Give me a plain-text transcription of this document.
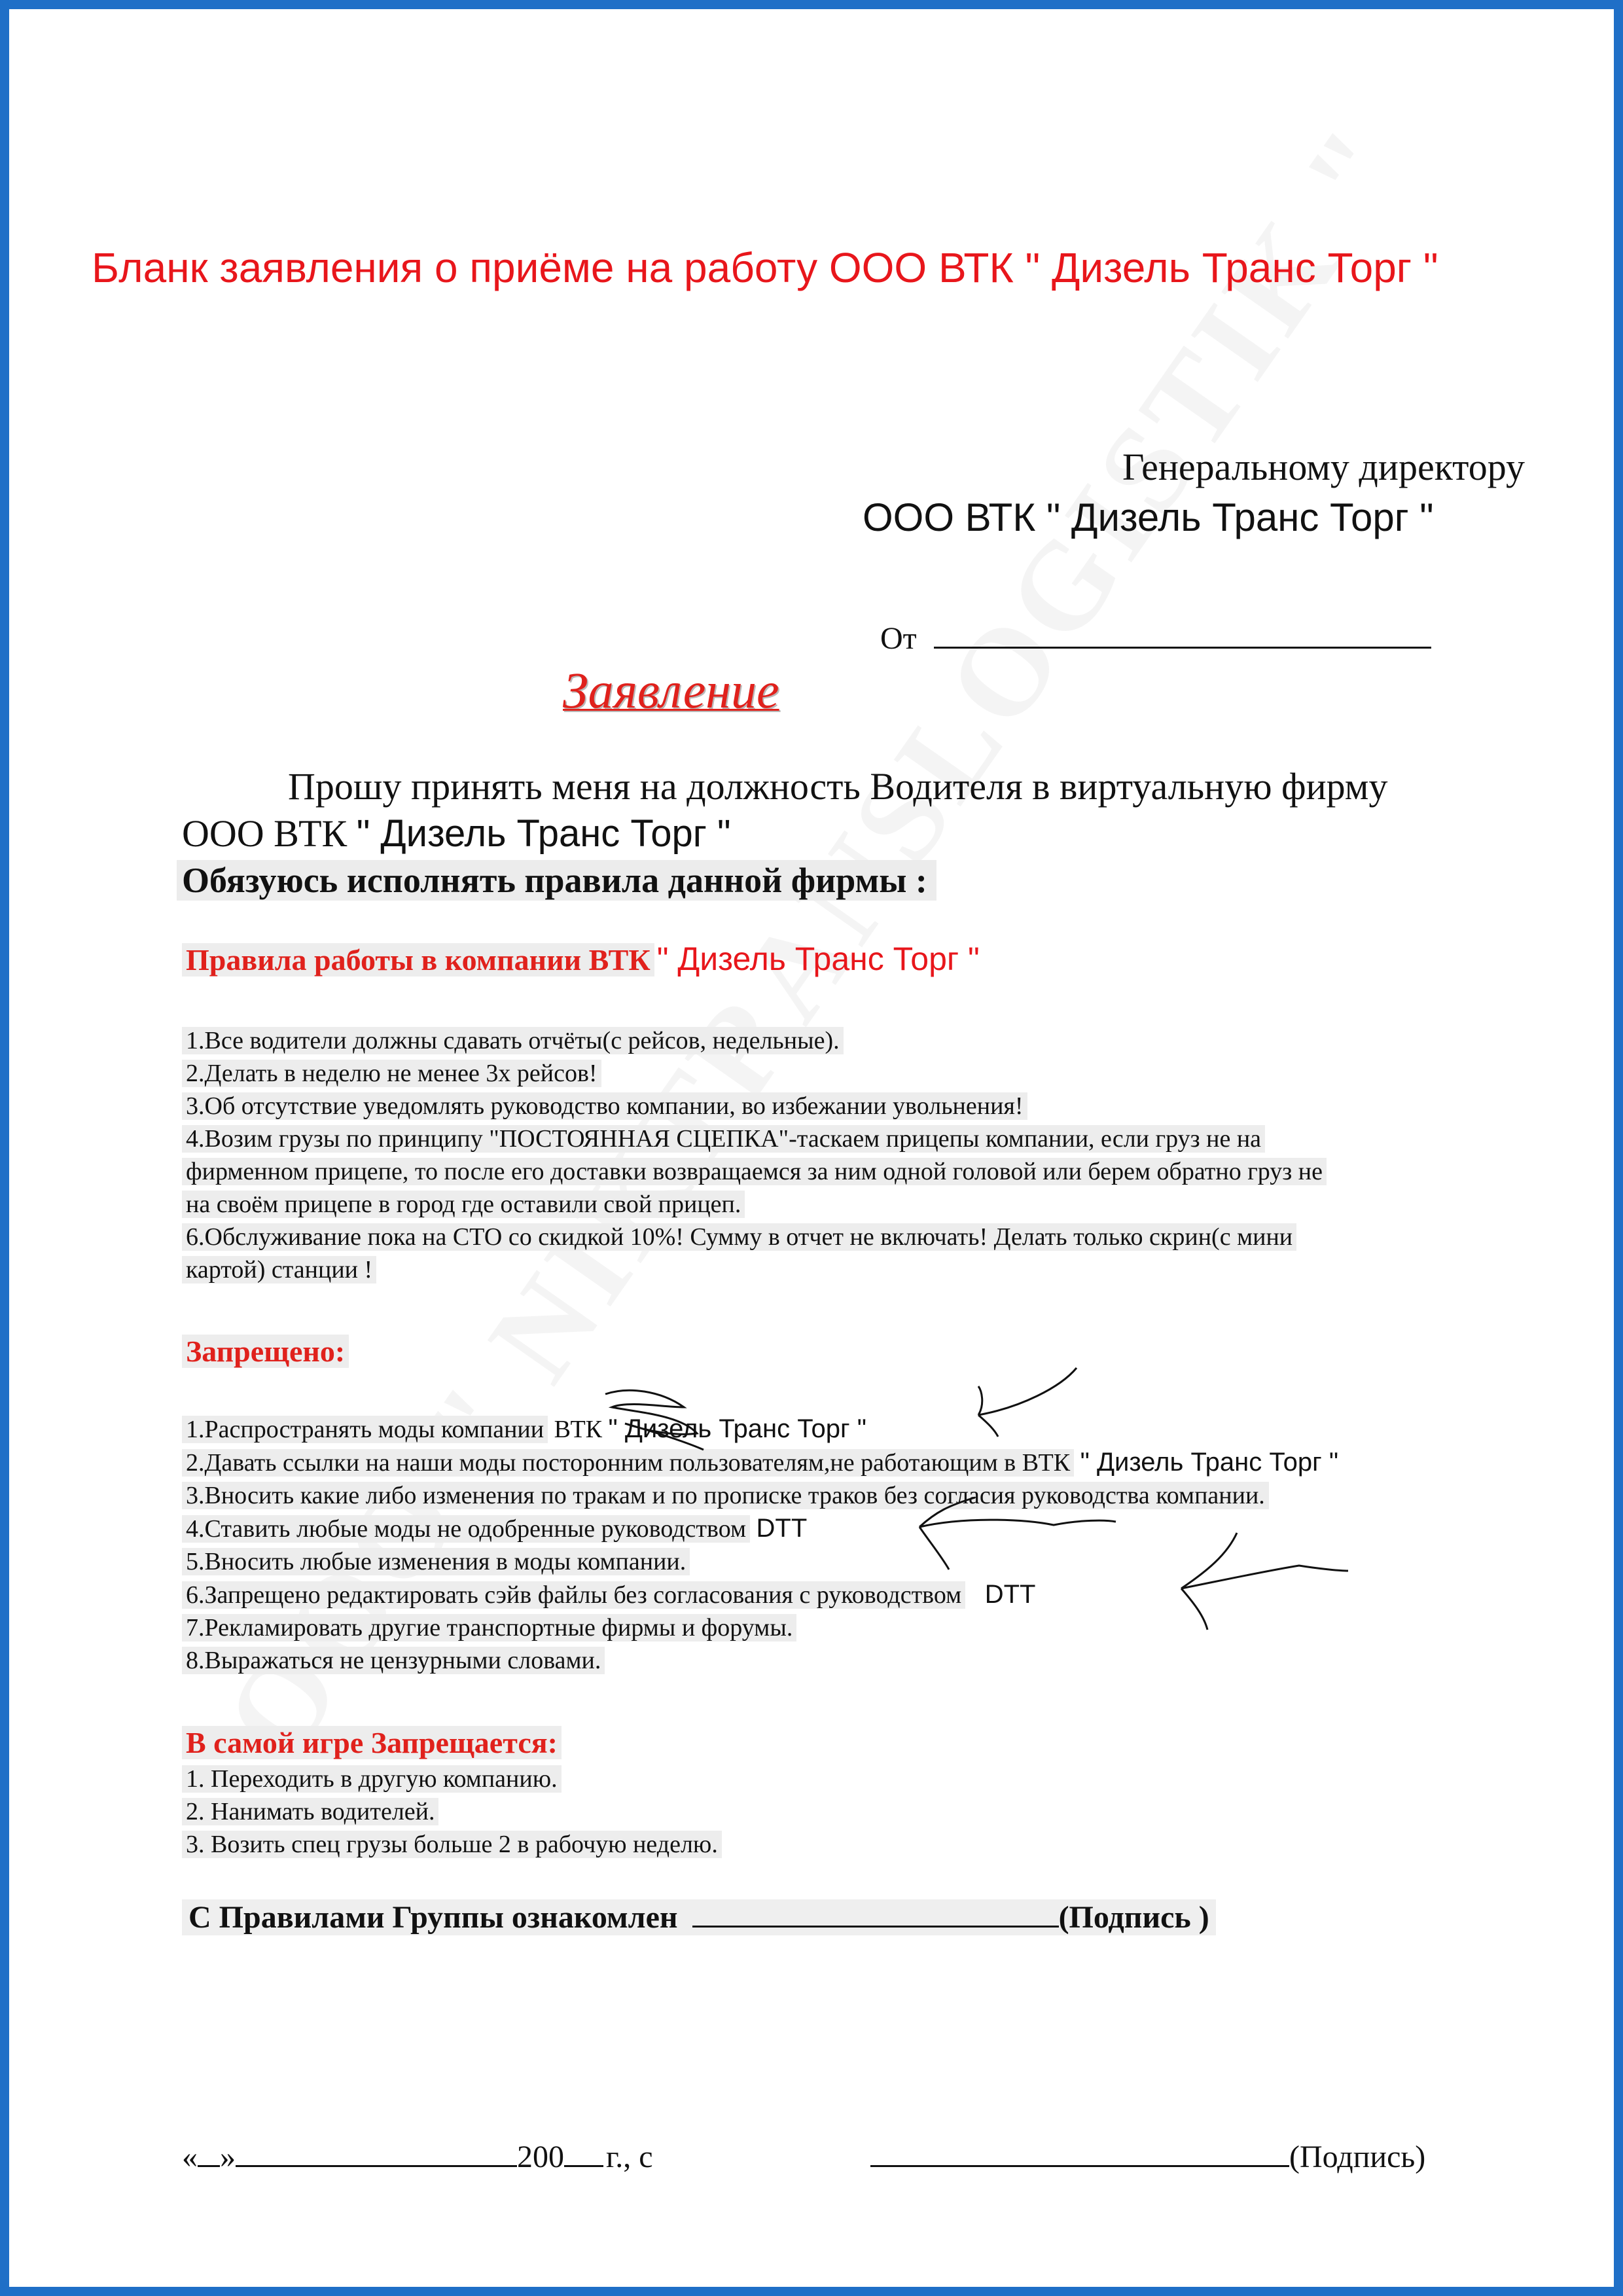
Бланк заявления о приёме на работу ООО ВТК " Дизель Транс Торг "
Генеральному директору
ООО ВТК " Дизель Транс Торг "
От
Заявление
Прошу принять меня на должность Водителя в виртуальную фирму
ООО ВТК " Дизель Транс Торг "
Обязуюсь исполнять правила данной фирмы :
Правила работы в компании ВТК " Дизель Транс Торг "
1.Все водители должны сдавать отчёты(с рейсов, недельные).
2.Делать в неделю не менее 3х рейсов!
3.Об отсутствие уведомлять руководство компании, во избежании увольнения!
4.Возим грузы по принципу "ПОСТОЯННАЯ СЦЕПКА"-таскаем прицепы компании, если груз не на
фирменном прицепе, то после его доставки возвращаемся за ним одной головой или берем обратно груз не
на своём прицепе в город где оставили свой прицеп.
6.Обслуживание пока на СТО со скидкой 10%! Сумму в отчет не включать! Делать только скрин(с мини
картой) станции !
Запрещено:
1.Распространять моды компании ВТК " Дизель Транс Торг "
2.Давать ссылки на наши моды посторонним пользователям,не работающим в ВТК " Дизель Транс Торг "
3.Вносить какие либо изменения по тракам и по прописке траков без согласия руководства компании.
4.Ставить любые моды не одобренные руководством DTT
5.Вносить любые изменения в моды компании.
6.Запрещено редактировать сэйв файлы без согласования с руководством DTT
7.Рекламировать другие транспортные фирмы и форумы.
8.Выражаться не цензурными словами.
В самой игре Запрещается:
1. Переходить в другую компанию.
2. Нанимать водителей.
3. Возить спец грузы больше 2 в рабочую неделю.
С Правилами Группы ознакомлен	(Подпись )
« »	200 г., с	(Подпись)
